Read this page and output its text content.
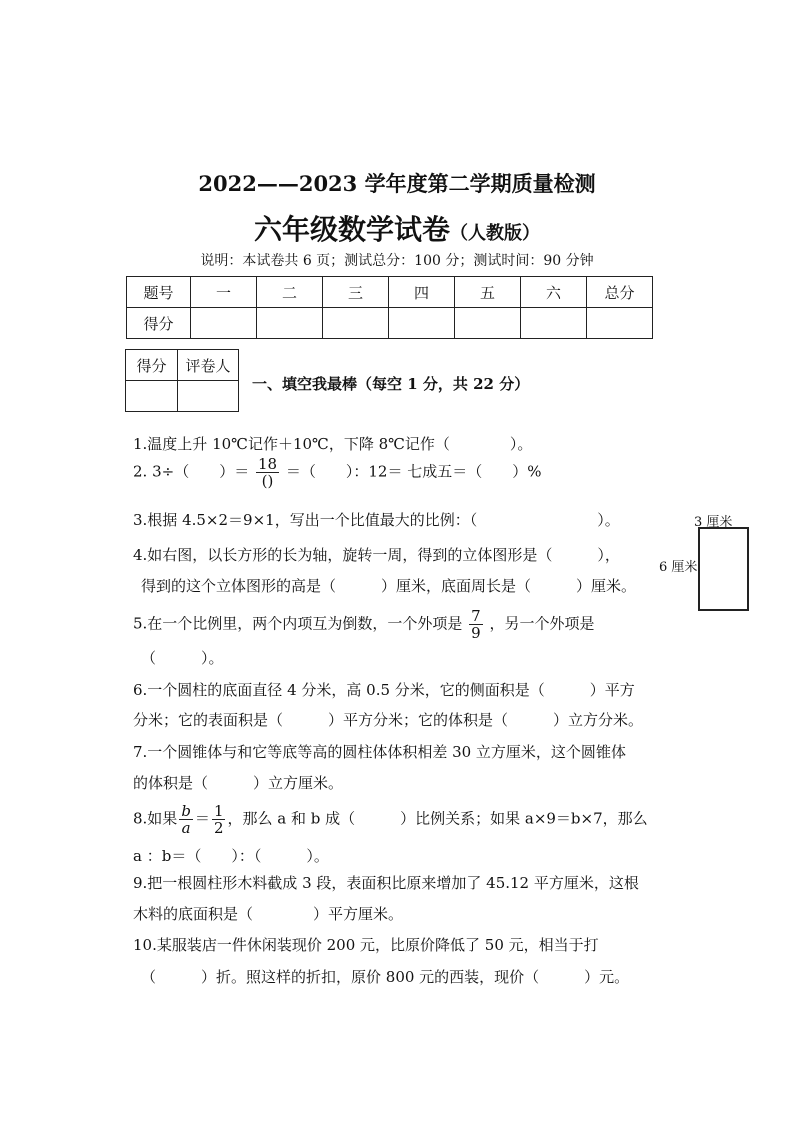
2022——2023 学年度第二学期质量检测
六年级数学试卷（人教版）
说明：本试卷共 6 页；测试总分：100 分；测试时间：90 分钟
题号	一	二	三	四	五	六	总分
得分							
得分	评卷人

一、填空我最棒（每空 1 分，共 22 分）
1.温度上升 10℃记作＋10℃，下降 8℃记作（　　　　）。
2. 3÷（　　）＝ $\frac{18}{()}$ ＝（　　）：12＝ 七成五＝（　　）%
3.根据 4.5×2＝9×1，写出一个比值最大的比例：（　　　　　　　　）。
4.如右图，以长方形的长为轴，旋转一周，得到的立体图形是（　　　），
得到的这个立体图形的高是（　　　）厘米，底面周长是（　　　）厘米。
3 厘米
6 厘米
5.在一个比例里，两个内项互为倒数，一个外项是 $\frac{7}{9}$ ，另一个外项是
（　　　）。
6.一个圆柱的底面直径 4 分米，高 0.5 分米，它的侧面积是（　　　）平方
分米；它的表面积是（　　　）平方分米；它的体积是（　　　）立方分米。
7.一个圆锥体与和它等底等高的圆柱体体积相差 30 立方厘米，这个圆锥体
的体积是（　　　）立方厘米。
8.如果 $\frac{b}{a} = \frac{1}{2}$ ，那么 a 和 b 成（　　　）比例关系；如果 a×9＝b×7，那么
a ：b＝（　　）：（　　　）。
9.把一根圆柱形木料截成 3 段，表面积比原来增加了 45.12 平方厘米，这根
木料的底面积是（　　　　）平方厘米。
10.某服装店一件休闲装现价 200 元，比原价降低了 50 元，相当于打
（　　　）折。照这样的折扣，原价 800 元的西装，现价（　　　）元。
